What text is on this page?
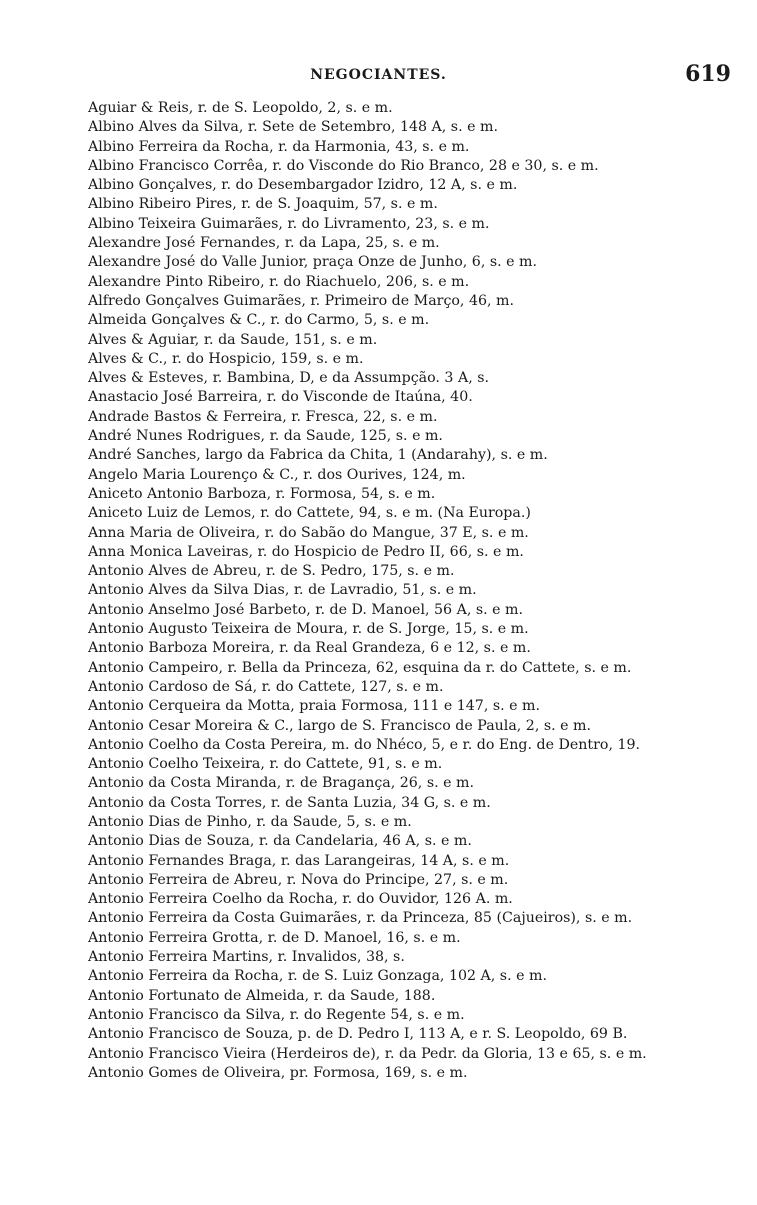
NEGOCIANTES.	619
Aguiar & Reis, r. de S. Leopoldo, 2, s. e m.
Albino Alves da Silva, r. Sete de Setembro, 148 A, s. e m.
Albino Ferreira da Rocha, r. da Harmonia, 43, s. e m.
Albino Francisco Corrêa, r. do Visconde do Rio Branco, 28 e 30, s. e m.
Albino Gonçalves, r. do Desembargador Izidro, 12 A, s. e m.
Albino Ribeiro Pires, r. de S. Joaquim, 57, s. e m.
Albino Teixeira Guimarães, r. do Livramento, 23, s. e m.
Alexandre José Fernandes, r. da Lapa, 25, s. e m.
Alexandre José do Valle Junior, praça Onze de Junho, 6, s. e m.
Alexandre Pinto Ribeiro, r. do Riachuelo, 206, s. e m.
Alfredo Gonçalves Guimarães, r. Primeiro de Março, 46, m.
Almeida Gonçalves & C., r. do Carmo, 5, s. e m.
Alves & Aguiar, r. da Saude, 151, s. e m.
Alves & C., r. do Hospicio, 159, s. e m.
Alves & Esteves, r. Bambina, D, e da Assumpção. 3 A, s.
Anastacio José Barreira, r. do Visconde de Itaúna, 40.
Andrade Bastos & Ferreira, r. Fresca, 22, s. e m.
André Nunes Rodrigues, r. da Saude, 125, s. e m.
André Sanches, largo da Fabrica da Chita, 1 (Andarahy), s. e m.
Angelo Maria Lourenço & C., r. dos Ourives, 124, m.
Aniceto Antonio Barboza, r. Formosa, 54, s. e m.
Aniceto Luiz de Lemos, r. do Cattete, 94, s. e m. (Na Europa.)
Anna Maria de Oliveira, r. do Sabão do Mangue, 37 E, s. e m.
Anna Monica Laveiras, r. do Hospicio de Pedro II, 66, s. e m.
Antonio Alves de Abreu, r. de S. Pedro, 175, s. e m.
Antonio Alves da Silva Dias, r. de Lavradio, 51, s. e m.
Antonio Anselmo José Barbeto, r. de D. Manoel, 56 A, s. e m.
Antonio Augusto Teixeira de Moura, r. de S. Jorge, 15, s. e m.
Antonio Barboza Moreira, r. da Real Grandeza, 6 e 12, s. e m.
Antonio Campeiro, r. Bella da Princeza, 62, esquina da r. do Cattete, s. e m.
Antonio Cardoso de Sá, r. do Cattete, 127, s. e m.
Antonio Cerqueira da Motta, praia Formosa, 111 e 147, s. e m.
Antonio Cesar Moreira & C., largo de S. Francisco de Paula, 2, s. e m.
Antonio Coelho da Costa Pereira, m. do Nhéco, 5, e r. do Eng. de Dentro, 19.
Antonio Coelho Teixeira, r. do Cattete, 91, s. e m.
Antonio da Costa Miranda, r. de Bragança, 26, s. e m.
Antonio da Costa Torres, r. de Santa Luzia, 34 G, s. e m.
Antonio Dias de Pinho, r. da Saude, 5, s. e m.
Antonio Dias de Souza, r. da Candelaria, 46 A, s. e m.
Antonio Fernandes Braga, r. das Larangeiras, 14 A, s. e m.
Antonio Ferreira de Abreu, r. Nova do Principe, 27, s. e m.
Antonio Ferreira Coelho da Rocha, r. do Ouvidor, 126 A. m.
Antonio Ferreira da Costa Guimarães, r. da Princeza, 85 (Cajueiros), s. e m.
Antonio Ferreira Grotta, r. de D. Manoel, 16, s. e m.
Antonio Ferreira Martins, r. Invalidos, 38, s.
Antonio Ferreira da Rocha, r. de S. Luiz Gonzaga, 102 A, s. e m.
Antonio Fortunato de Almeida, r. da Saude, 188.
Antonio Francisco da Silva, r. do Regente 54, s. e m.
Antonio Francisco de Souza, p. de D. Pedro I, 113 A, e r. S. Leopoldo, 69 B.
Antonio Francisco Vieira (Herdeiros de), r. da Pedr. da Gloria, 13 e 65, s. e m.
Antonio Gomes de Oliveira, pr. Formosa, 169, s. e m.
